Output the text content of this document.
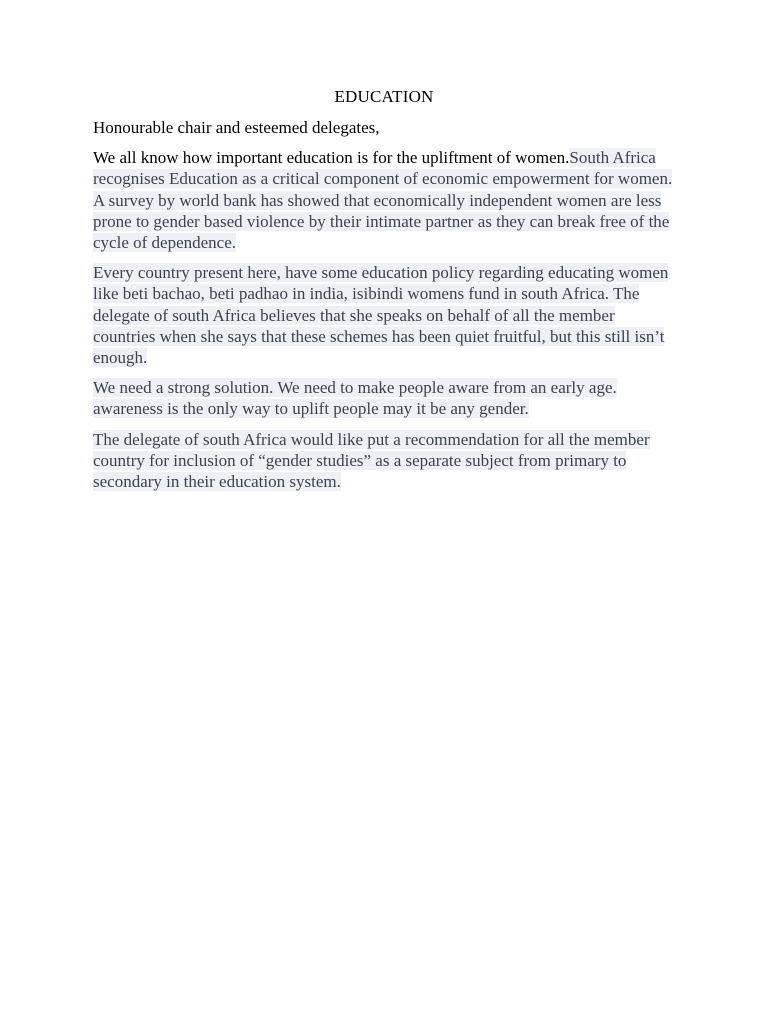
EDUCATION

Honourable chair and esteemed delegates,

We all know how important education is for the upliftment of women.South Africa recognises Education as a critical component of economic empowerment for women. A survey by world bank has showed that economically independent women are less prone to gender based violence by their intimate partner as they can break free of the cycle of dependence.

Every country present here, have some education policy regarding educating women like beti bachao, beti padhao in india, isibindi womens fund in south Africa. The delegate of south Africa believes that she speaks on behalf of all the member countries when she says that these schemes has been quiet fruitful, but this still isn’t enough.

We need a strong solution. We need to make people aware from an early age. awareness is the only way to uplift people may it be any gender.

The delegate of south Africa would like put a recommendation for all the member country for inclusion of “gender studies” as a separate subject from primary to secondary in their education system.
